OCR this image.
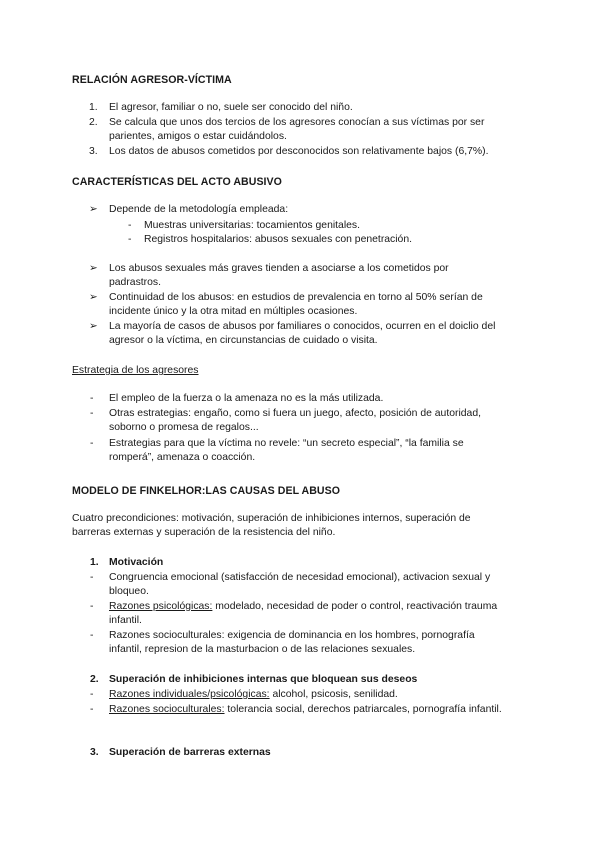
RELACIÓN AGRESOR-VÍCTIMA
1. El agresor, familiar o no, suele ser conocido del niño.
2. Se calcula que unos dos tercios de los agresores conocían a sus víctimas por ser
parientes, amigos o estar cuidándolos.
3. Los datos de abusos cometidos por desconocidos son relativamente bajos (6,7%).
CARACTERÍSTICAS DEL ACTO ABUSIVO
➢ Depende de la metodología empleada:
- Muestras universitarias: tocamientos genitales.
- Registros hospitalarios: abusos sexuales con penetración.
➢ Los abusos sexuales más graves tienden a asociarse a los cometidos por
padrastros.
➢ Continuidad de los abusos: en estudios de prevalencia en torno al 50% serían de
incidente único y la otra mitad en múltiples ocasiones.
➢ La mayoría de casos de abusos por familiares o conocidos, ocurren en el doiclio del
agresor o la víctima, en circunstancias de cuidado o visita.
Estrategia de los agresores
- El empleo de la fuerza o la amenaza no es la más utilizada.
- Otras estrategias: engaño, como si fuera un juego, afecto, posición de autoridad,
soborno o promesa de regalos...
- Estrategias para que la víctima no revele: “un secreto especial”, “la familia se
romperá”, amenaza o coacción.
MODELO DE FINKELHOR:LAS CAUSAS DEL ABUSO
Cuatro precondiciones: motivación, superación de inhibiciones internos, superación de
barreras externas y superación de la resistencia del niño.
1. Motivación
- Congruencia emocional (satisfacción de necesidad emocional), activacion sexual y
bloqueo.
- Razones psicológicas: modelado, necesidad de poder o control, reactivación trauma
infantil.
- Razones socioculturales: exigencia de dominancia en los hombres, pornografía
infantil, represion de la masturbacion o de las relaciones sexuales.
2. Superación de inhibiciones internas que bloquean sus deseos
- Razones individuales/psicológicas: alcohol, psicosis, senilidad.
- Razones socioculturales: tolerancia social, derechos patriarcales, pornografía infantil.
3. Superación de barreras externas
